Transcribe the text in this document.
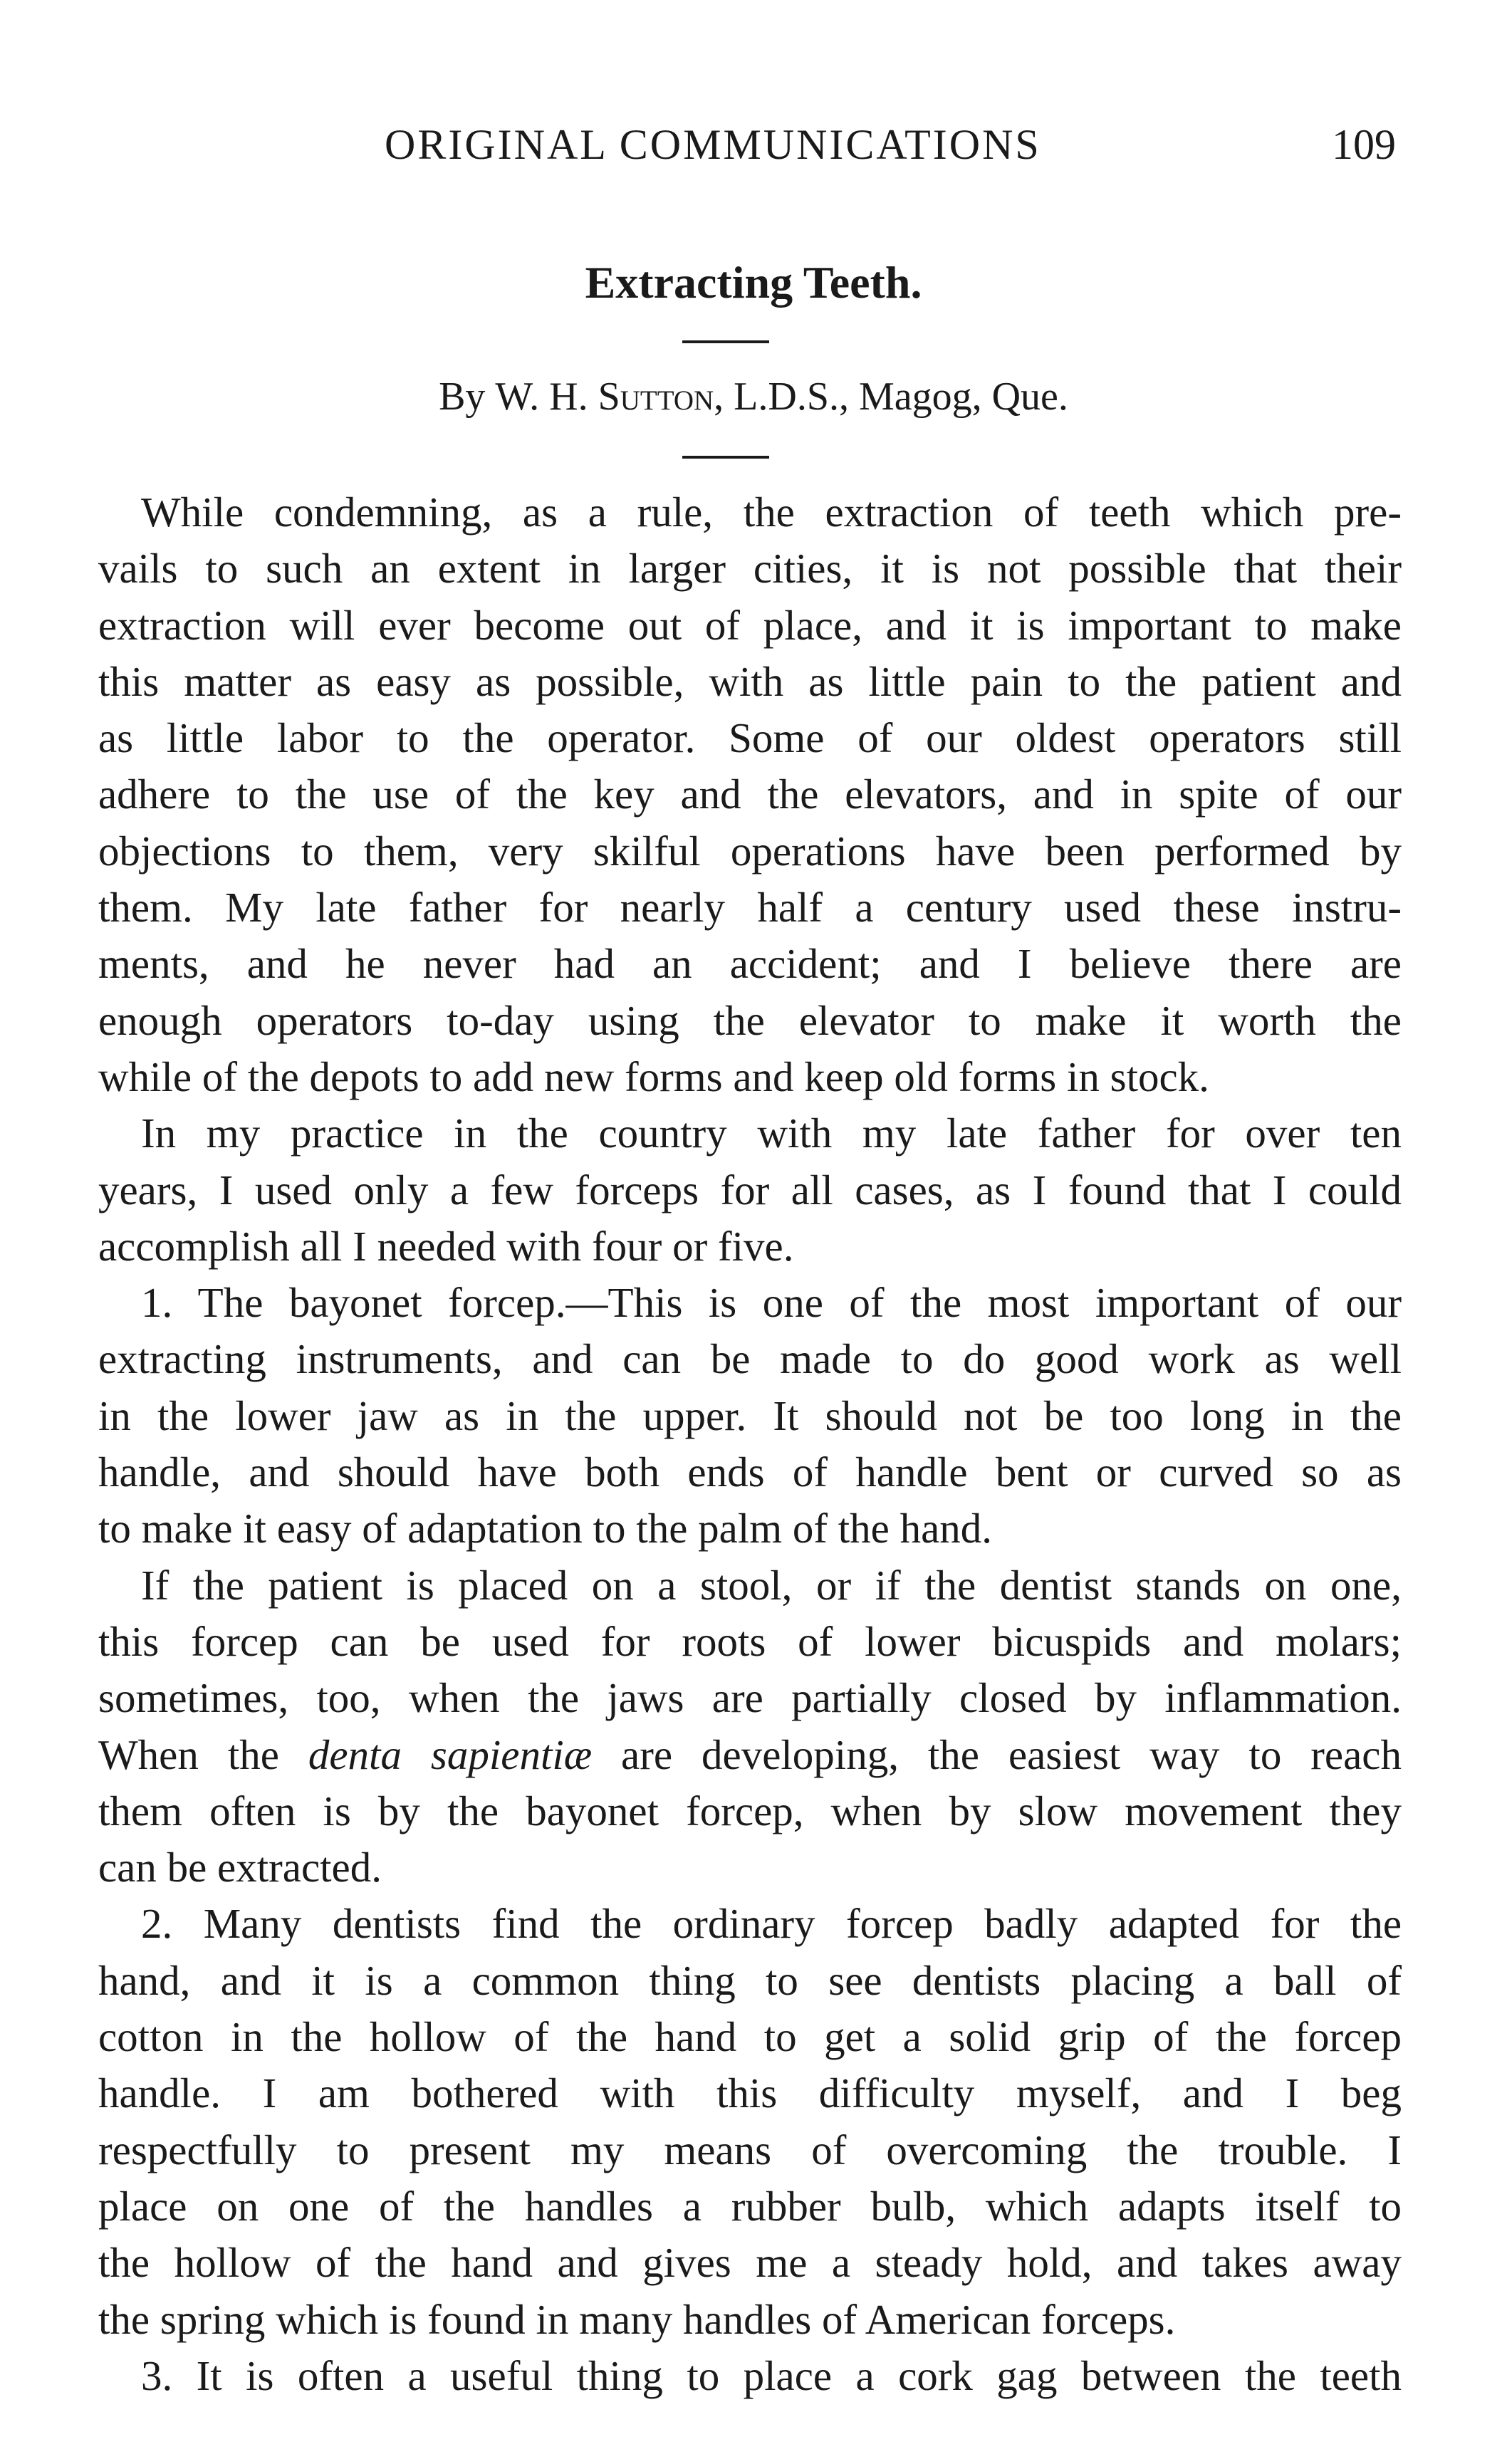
ORIGINAL COMMUNICATIONS	109
Extracting Teeth.
By W. H. Sutton, L.D.S., Magog, Que.
While condemning, as a rule, the extraction of teeth which pre-
vails to such an extent in larger cities, it is not possible that their
extraction will ever become out of place, and it is important to make
this matter as easy as possible, with as little pain to the patient and
as little labor to the operator. Some of our oldest operators still
adhere to the use of the key and the elevators, and in spite of our
objections to them, very skilful operations have been performed by
them. My late father for nearly half a century used these instru-
ments, and he never had an accident; and I believe there are
enough operators to-day using the elevator to make it worth the
while of the depots to add new forms and keep old forms in stock.
In my practice in the country with my late father for over ten
years, I used only a few forceps for all cases, as I found that I could
accomplish all I needed with four or five.
1. The bayonet forcep.—This is one of the most important of our
extracting instruments, and can be made to do good work as well
in the lower jaw as in the upper. It should not be too long in the
handle, and should have both ends of handle bent or curved so as
to make it easy of adaptation to the palm of the hand.
If the patient is placed on a stool, or if the dentist stands on one,
this forcep can be used for roots of lower bicuspids and molars;
sometimes, too, when the jaws are partially closed by inflammation.
When the denta sapientiæ are developing, the easiest way to reach
them often is by the bayonet forcep, when by slow movement they
can be extracted.
2. Many dentists find the ordinary forcep badly adapted for the
hand, and it is a common thing to see dentists placing a ball of
cotton in the hollow of the hand to get a solid grip of the forcep
handle. I am bothered with this difficulty myself, and I beg
respectfully to present my means of overcoming the trouble. I
place on one of the handles a rubber bulb, which adapts itself to
the hollow of the hand and gives me a steady hold, and takes away
the spring which is found in many handles of American forceps.
3. It is often a useful thing to place a cork gag between the teeth
